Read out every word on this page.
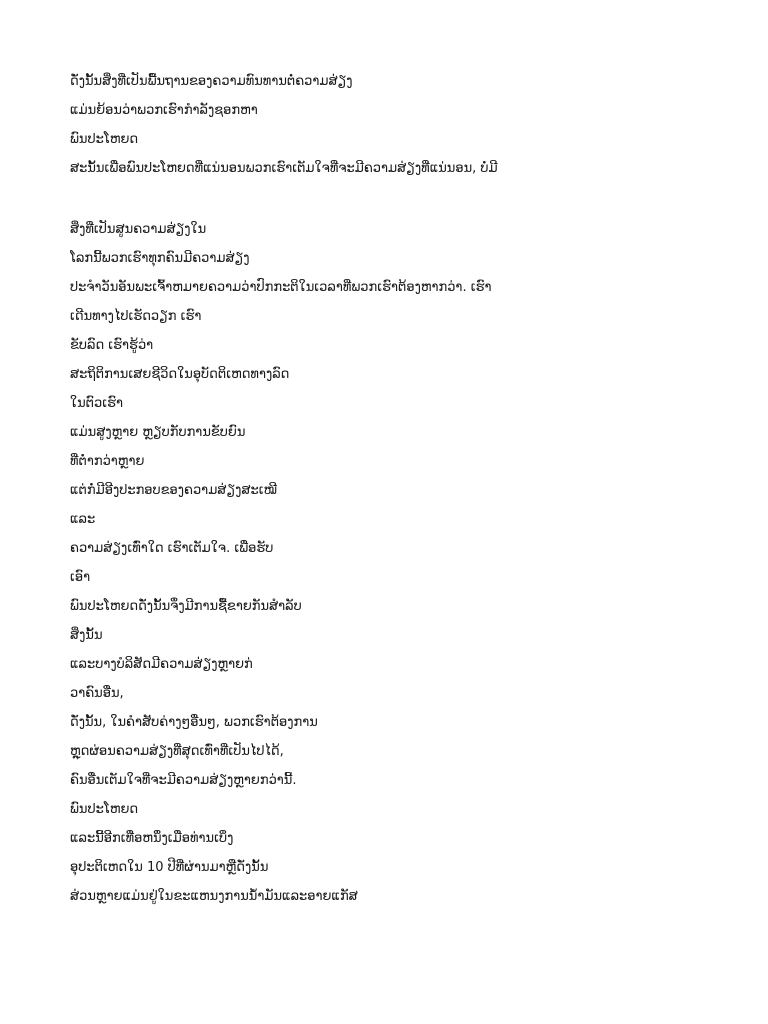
ດັ່ງນັ້ນສິ່ງທີ່ເປັນພື້ນຖານຂອງຄວາມທົນທານຕໍ່ຄວາມສ່ຽງ
ແມ່ນຍ້ອນວ່າພວກເຮົາກຳລັງຊອກຫາ
ພົນປະໂຫຍດ
ສະນັ້ນເພື່ອພົນປະໂຫຍດທີ່ແນ່ນອນພວກເຮົາເຕັມໃຈທີ່ຈະມີຄວາມສ່ຽງທີ່ແນ່ນອນ, ບໍ່ມີ
ສິ່ງທີ່ເປັນສູນຄວາມສ່ຽງໃນ
ໂລກນີ້ພວກເຮົາທຸກຄົນມີຄວາມສ່ຽງ
ປະຈໍາວັນອັນພະເຈົ້າຫມາຍຄວາມວ່າປົກກະຕິໃນເວລາທີ່ພວກເຮົາຕ້ອງຫາກວ່າ. ເຮົາ
ເດີນທາງໄປເຮັດວຽກ ເຮົາ
ຂັບລົດ ເຮົາຮູ້ວ່າ
ສະຖິຕິການເສຍຊີວິດໃນອຸບັດຕິເຫດທາງລົດ
ໃນຕົວເຮົາ
ແມ່ນສູງຫຼາຍ ຫຼຽບກັບການຂັບຍົນ
ທີ່ຕ່ຳກວ່າຫຼາຍ
ແຕ່ກໍ່ມີອີງປະກອບຂອງຄວາມສ່ຽງສະເໝີ
ແລະ
ຄວາມສ່ຽງເທົ່າໃດ ເຮົາເຕັມໃຈ. ເພື່ອຮັບ
ເອົາ
ພົນປະໂຫຍດດັ່ງນັ້ນຈຶ່ງມີການຊື້ຂາຍກັນສຳລັບ
ສິ່ງນັ້ນ
ແລະບາງບໍລິສັດມີຄວາມສ່ຽງຫຼາຍກ່
ວາຄົນອື່ນ,
ດັ່ງນັ້ນ, ໃນຄຳສັບຄ່າງໆອື່ນໆ, ພວກເຮົາຕ້ອງການ
ຫຼຸດຜ່ອນຄວາມສ່ຽງທີ່ສຸດເທົ່າທີ່ເປັນໄປໄດ້,
ຄົນອື່ນເຕັມໃຈທີ່ຈະມີຄວາມສ່ຽງຫຼາຍກວ່ານີ້.
ພົນປະໂຫຍດ
ແລະນີ້ອີກເທື່ອຫນຶ່ງເມື່ອທ່ານເບິ່ງ
ອຸປະຕິເຫດໃນ 10 ປີທີ່ຜ່ານມາຫຼືດັ່ງນັ້ນ
ສ່ວນຫຼາຍແມ່ນຢູ່ໃນຂະແຫນງການນ້ຳມັນແລະອາຍແກັສ
